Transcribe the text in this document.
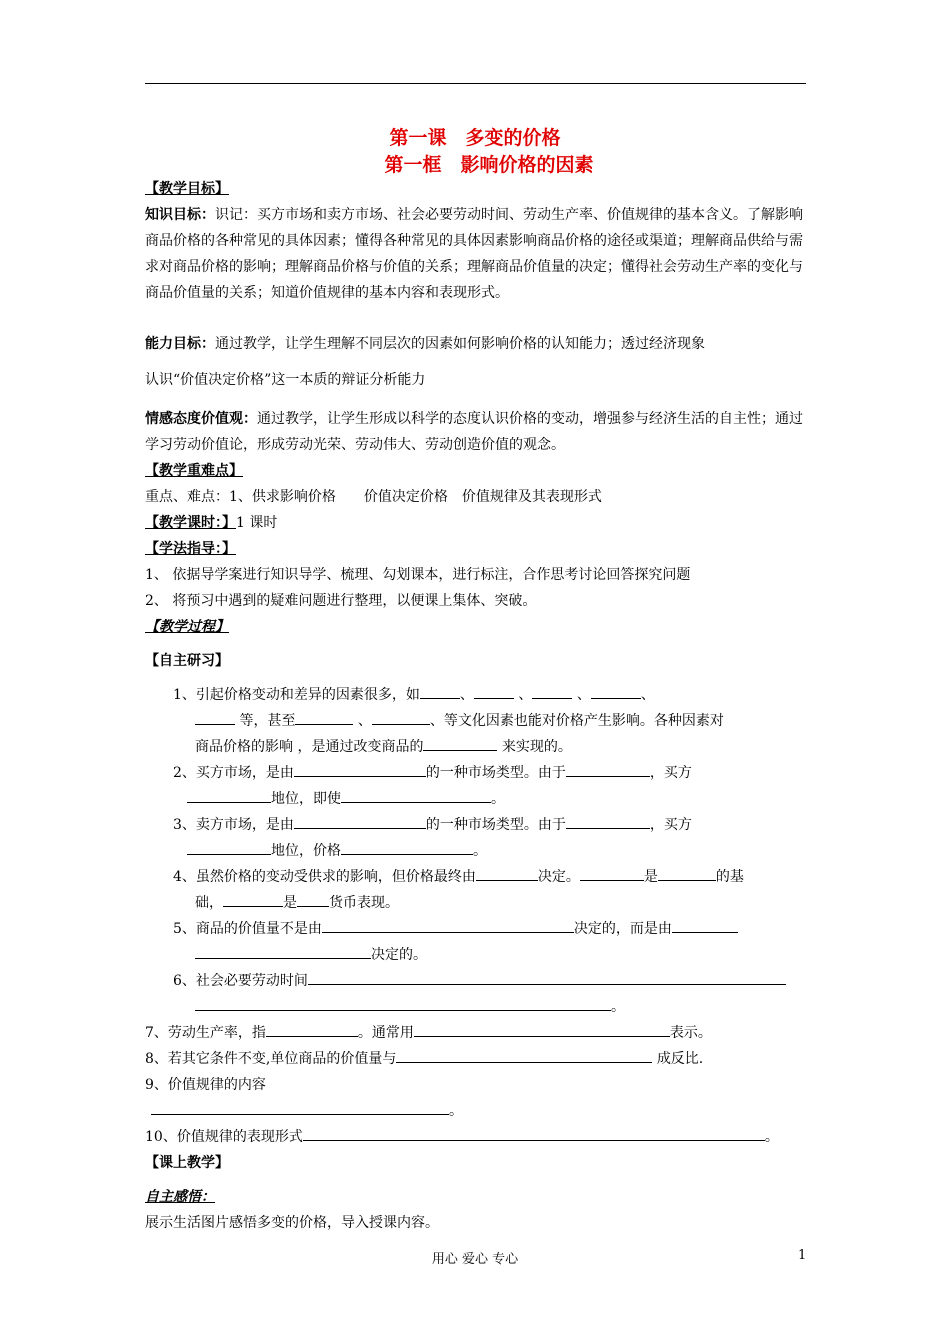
第一课　多变的价格
第一框　影响价格的因素

【教学目标】

知识目标：识记：买方市场和卖方市场、社会必要劳动时间、劳动生产率、价值规律的基本含义。了解影响商品价格的各种常见的具体因素；懂得各种常见的具体因素影响商品价格的途径或渠道；理解商品供给与需求对商品价格的影响；理解商品价格与价值的关系；理解商品价值量的决定；懂得社会劳动生产率的变化与商品价值量的关系；知道价值规律的基本内容和表现形式。

能力目标：通过教学，让学生理解不同层次的因素如何影响价格的认知能力；透过经济现象

认识“价值决定价格”这一本质的辩证分析能力

情感态度价值观：通过教学，让学生形成以科学的态度认识价格的变动，增强参与经济生活的自主性；通过学习劳动价值论，形成劳动光荣、劳动伟大、劳动创造价值的观念。

【教学重难点】

重点、难点：1、供求影响价格　　价值决定价格　价值规律及其表现形式

【教学课时：】1 课时

【学法指导：】

1、 依据导学案进行知识导学、梳理、勾划课本，进行标注，合作思考讨论回答探究问题

2、 将预习中遇到的疑难问题进行整理，以便课上集体、突破。

【教学过程】

【自主研习】

1、引起价格变动和差异的因素很多，如	、	、	、	、

等，甚至	、	、等文化因素也能对价格产生影响。各种因素对

商品价格的影响 ，是通过改变商品的	来实现的。

2、买方市场，是由	的一种市场类型。由于	，买方

地位，即使	。

3、卖方市场，是由	的一种市场类型。由于	，买方

地位，价格	。

4、虽然价格的变动受供求的影响，但价格最终由	决定。	是	的基

础，	是 货币表现。

5、商品的价值量不是由	决定的，而是由

决定的。

6、社会必要劳动时间

。

7、劳动生产率，指	。通常用	表示。

8、若其它条件不变,单位商品的价值量与	成反比.

9、价值规律的内容

。

10、价值规律的表现形式	。

【课上教学】

自主感悟：

展示生活图片感悟多变的价格，导入授课内容。

用心 爱心 专心	1
